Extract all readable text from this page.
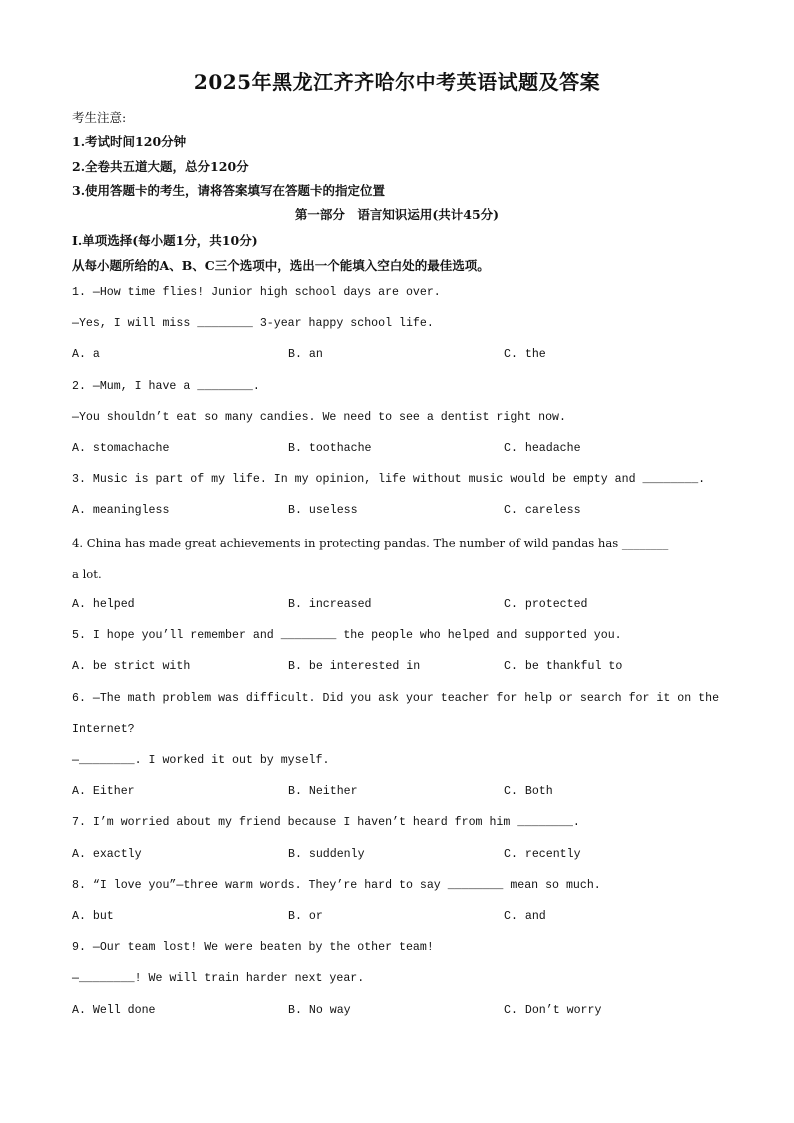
2025年黑龙江齐齐哈尔中考英语试题及答案
考生注意:
1.考试时间120分钟
2.全卷共五道大题，总分120分
3.使用答题卡的考生，请将答案填写在答题卡的指定位置
第一部分　语言知识运用(共计45分)
I.单项选择(每小题1分，共10分)
从每小题所给的A、B、C三个选项中，选出一个能填入空白处的最佳选项。
1. —How time flies! Junior high school days are over.
—Yes, I will miss ________ 3-year happy school life.
A. a	B. an	C. the
2. —Mum, I have a ________.
—You shouldn’t eat so many candies. We need to see a dentist right now.
A. stomachache	B. toothache	C. headache
3. Music is part of my life. In my opinion, life without music would be empty and ________.
A. meaningless	B. useless	C. careless
4. China has made great achievements in protecting pandas. The number of wild pandas has ________
a lot.
A. helped	B. increased	C. protected
5. I hope you’ll remember and ________ the people who helped and supported you.
A. be strict with	B. be interested in	C. be thankful to
6. —The math problem was difficult. Did you ask your teacher for help or search for it on the
Internet?
—________. I worked it out by myself.
A. Either	B. Neither	C. Both
7. I’m worried about my friend because I haven’t heard from him ________.
A. exactly	B. suddenly	C. recently
8. “I love you”—three warm words. They’re hard to say ________ mean so much.
A. but	B. or	C. and
9. —Our team lost! We were beaten by the other team!
—________! We will train harder next year.
A. Well done	B. No way	C. Don’t worry
